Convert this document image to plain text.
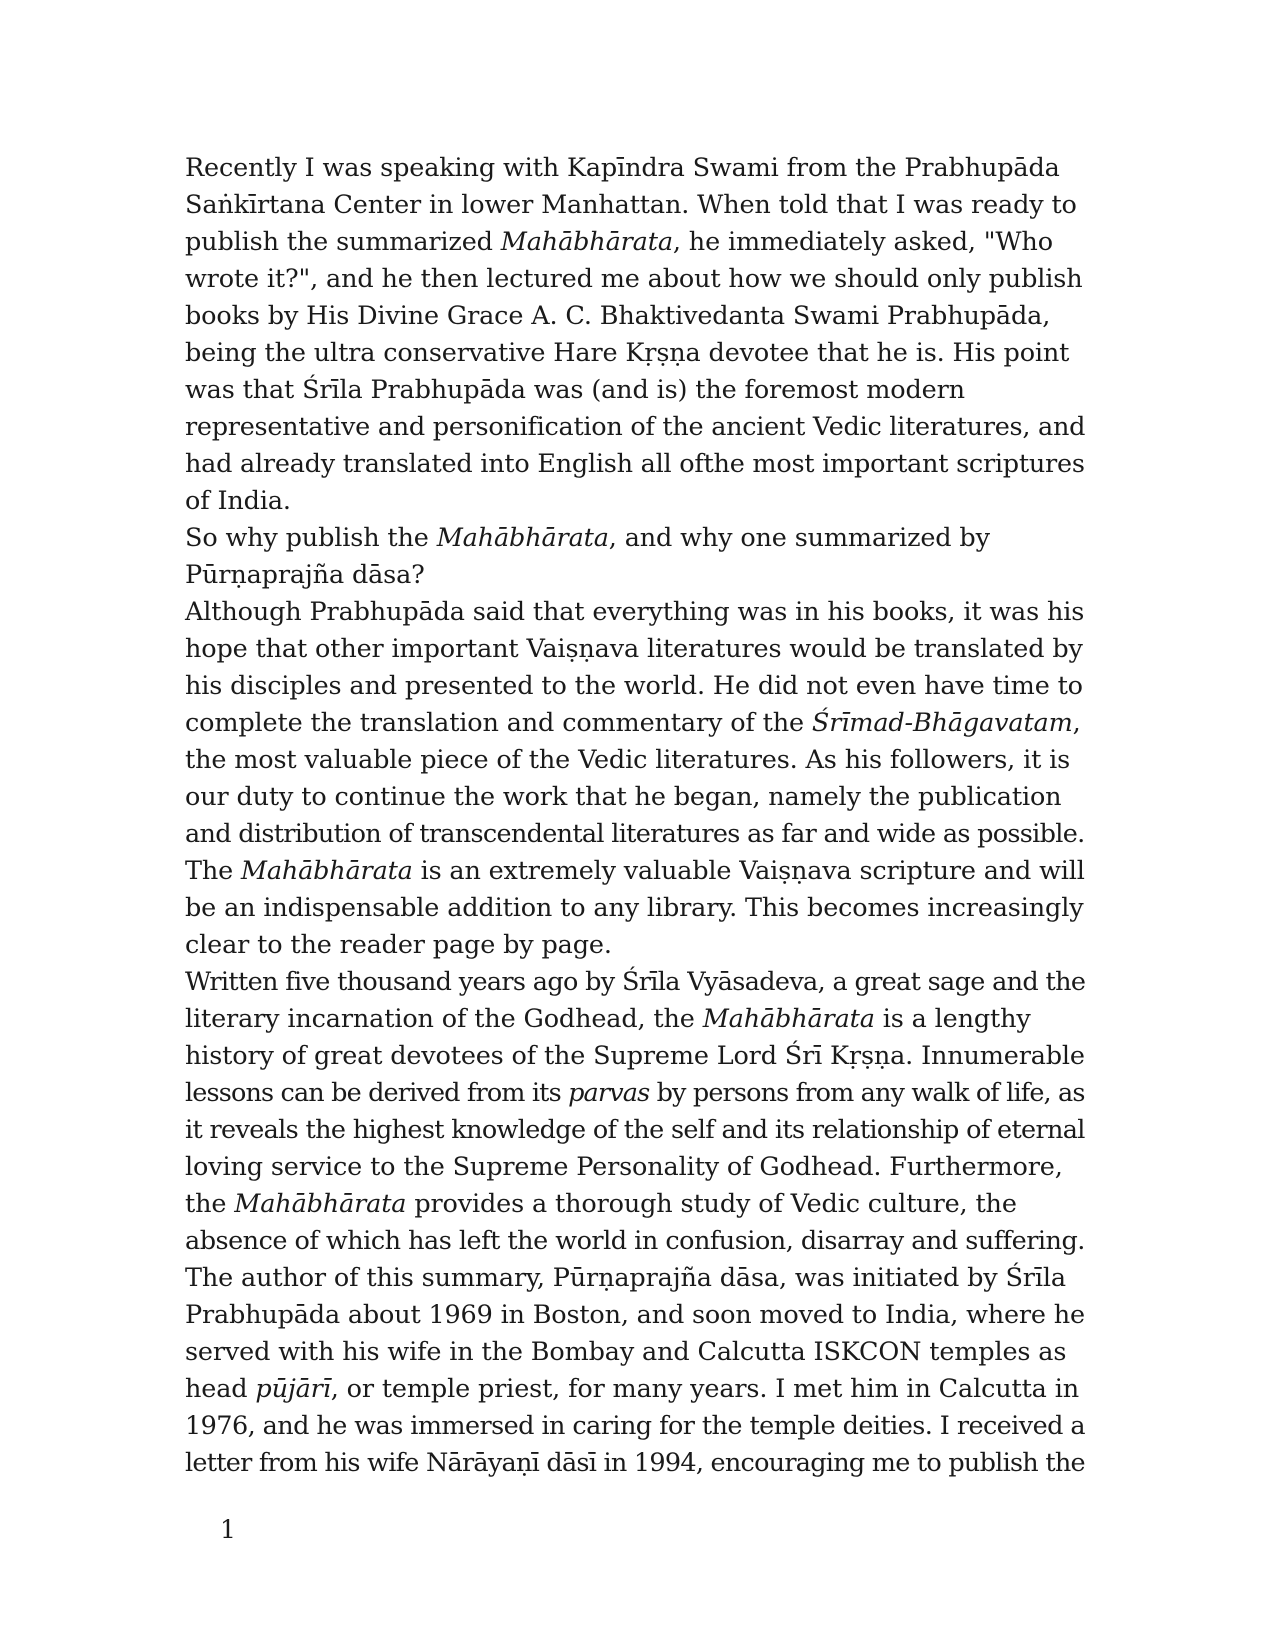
Recently I was speaking with Kapīndra Swami from the Prabhupāda
Saṅkīrtana Center in lower Manhattan. When told that I was ready to
publish the summarized Mahābhārata, he immediately asked, "Who
wrote it?", and he then lectured me about how we should only publish
books by His Divine Grace A. C. Bhaktivedanta Swami Prabhupāda,
being the ultra conservative Hare Kṛṣṇa devotee that he is. His point
was that Śrīla Prabhupāda was (and is) the foremost modern
representative and personification of the ancient Vedic literatures, and
had already translated into English all ofthe most important scriptures
of India.
So why publish the Mahābhārata, and why one summarized by
Pūrṇaprajña dāsa?
Although Prabhupāda said that everything was in his books, it was his
hope that other important Vaiṣṇava literatures would be translated by
his disciples and presented to the world. He did not even have time to
complete the translation and commentary of the Śrīmad-Bhāgavatam,
the most valuable piece of the Vedic literatures. As his followers, it is
our duty to continue the work that he began, namely the publication
and distribution of transcendental literatures as far and wide as possible.
The Mahābhārata is an extremely valuable Vaiṣṇava scripture and will
be an indispensable addition to any library. This becomes increasingly
clear to the reader page by page.
Written five thousand years ago by Śrīla Vyāsadeva, a great sage and the
literary incarnation of the Godhead, the Mahābhārata is a lengthy
history of great devotees of the Supreme Lord Śrī Kṛṣṇa. Innumerable
lessons can be derived from its parvas by persons from any walk of life, as
it reveals the highest knowledge of the self and its relationship of eternal
loving service to the Supreme Personality of Godhead. Furthermore,
the Mahābhārata provides a thorough study of Vedic culture, the
absence of which has left the world in confusion, disarray and suffering.
The author of this summary, Pūrṇaprajña dāsa, was initiated by Śrīla
Prabhupāda about 1969 in Boston, and soon moved to India, where he
served with his wife in the Bombay and Calcutta ISKCON temples as
head pūjārī, or temple priest, for many years. I met him in Calcutta in
1976, and he was immersed in caring for the temple deities. I received a
letter from his wife Nārāyaṇī dāsī in 1994, encouraging me to publish the
1
